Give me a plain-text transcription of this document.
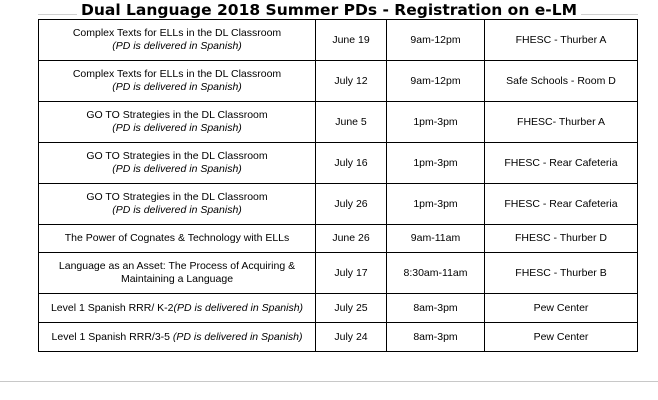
Dual Language 2018 Summer PDs - Registration on e-LM
Complex Texts for ELLs in the DL Classroom
(PD is delivered in Spanish)	June 19	9am-12pm	FHESC - Thurber A
Complex Texts for ELLs in the DL Classroom
(PD is delivered in Spanish)	July 12	9am-12pm	Safe Schools - Room D
GO TO Strategies in the DL Classroom
(PD is delivered in Spanish)	June 5	1pm-3pm	FHESC- Thurber A
GO TO Strategies in the DL Classroom
(PD is delivered in Spanish)	July 16	1pm-3pm	FHESC - Rear Cafeteria
GO TO Strategies in the DL Classroom
(PD is delivered in Spanish)	July 26	1pm-3pm	FHESC - Rear Cafeteria
The Power of Cognates & Technology with ELLs	June 26	9am-11am	FHESC - Thurber D
Language as an Asset: The Process of Acquiring &
Maintaining a Language	July 17	8:30am-11am	FHESC - Thurber B
Level 1 Spanish RRR/ K-2(PD is delivered in Spanish)	July 25	8am-3pm	Pew Center
Level 1 Spanish RRR/3-5 (PD is delivered in Spanish)	July 24	8am-3pm	Pew Center
